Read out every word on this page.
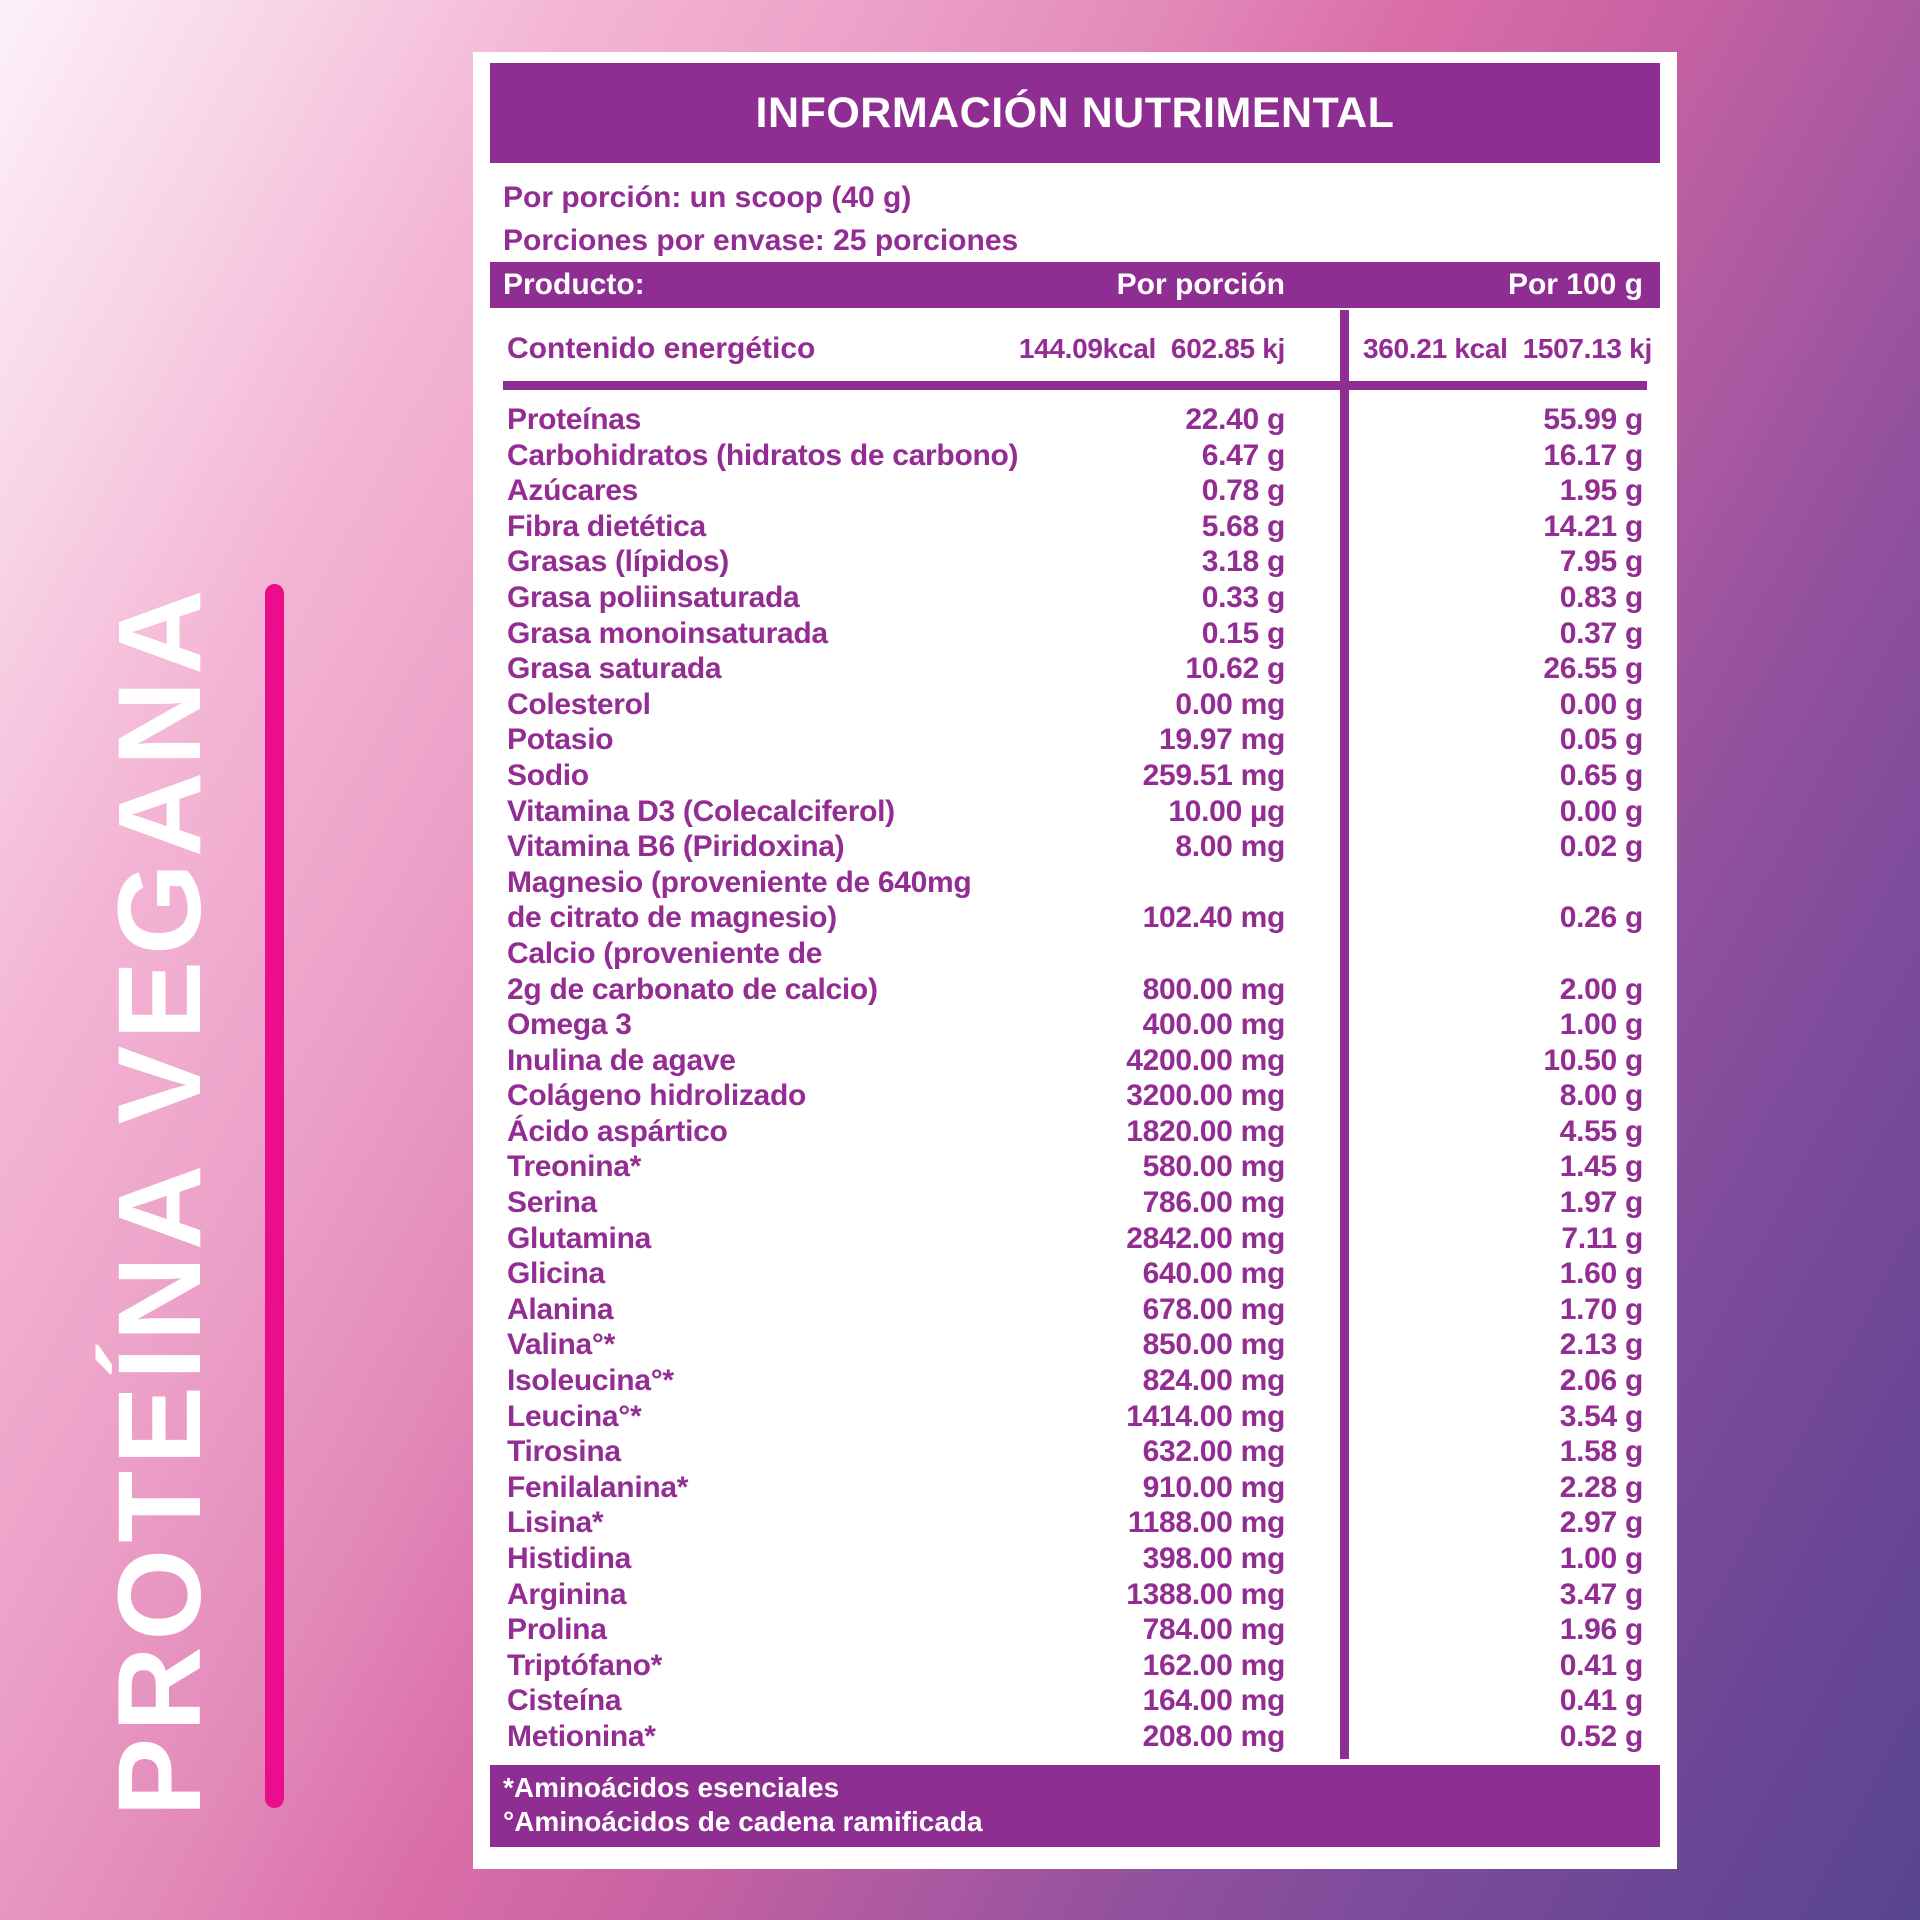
PROTEÍNA VEGANA
INFORMACIÓN NUTRIMENTAL
Por porción: un scoop (40 g)
Porciones por envase: 25 porciones
Producto:	Por porción	Por 100 g
Contenido energético	144.09kcal  602.85 kj	360.21 kcal  1507.13 kj
Proteínas	22.40 g	55.99 g
Carbohidratos (hidratos de carbono)	6.47 g	16.17 g
Azúcares	0.78 g	1.95 g
Fibra dietética	5.68 g	14.21 g
Grasas (lípidos)	3.18 g	7.95 g
Grasa poliinsaturada	0.33 g	0.83 g
Grasa monoinsaturada	0.15 g	0.37 g
Grasa saturada	10.62 g	26.55 g
Colesterol	0.00 mg	0.00 g
Potasio	19.97 mg	0.05 g
Sodio	259.51 mg	0.65 g
Vitamina D3 (Colecalciferol)	10.00 µg	0.00 g
Vitamina B6 (Piridoxina)	8.00 mg	0.02 g
Magnesio (proveniente de 640mg
de citrato de magnesio)	102.40 mg	0.26 g
Calcio (proveniente de
2g de carbonato de calcio)	800.00 mg	2.00 g
Omega 3	400.00 mg	1.00 g
Inulina de agave	4200.00 mg	10.50 g
Colágeno hidrolizado	3200.00 mg	8.00 g
Ácido aspártico	1820.00 mg	4.55 g
Treonina*	580.00 mg	1.45 g
Serina	786.00 mg	1.97 g
Glutamina	2842.00 mg	7.11 g
Glicina	640.00 mg	1.60 g
Alanina	678.00 mg	1.70 g
Valina°*	850.00 mg	2.13 g
Isoleucina°*	824.00 mg	2.06 g
Leucina°*	1414.00 mg	3.54 g
Tirosina	632.00 mg	1.58 g
Fenilalanina*	910.00 mg	2.28 g
Lisina*	1188.00 mg	2.97 g
Histidina	398.00 mg	1.00 g
Arginina	1388.00 mg	3.47 g
Prolina	784.00 mg	1.96 g
Triptófano*	162.00 mg	0.41 g
Cisteína	164.00 mg	0.41 g
Metionina*	208.00 mg	0.52 g
*Aminoácidos esenciales
°Aminoácidos de cadena ramificada
